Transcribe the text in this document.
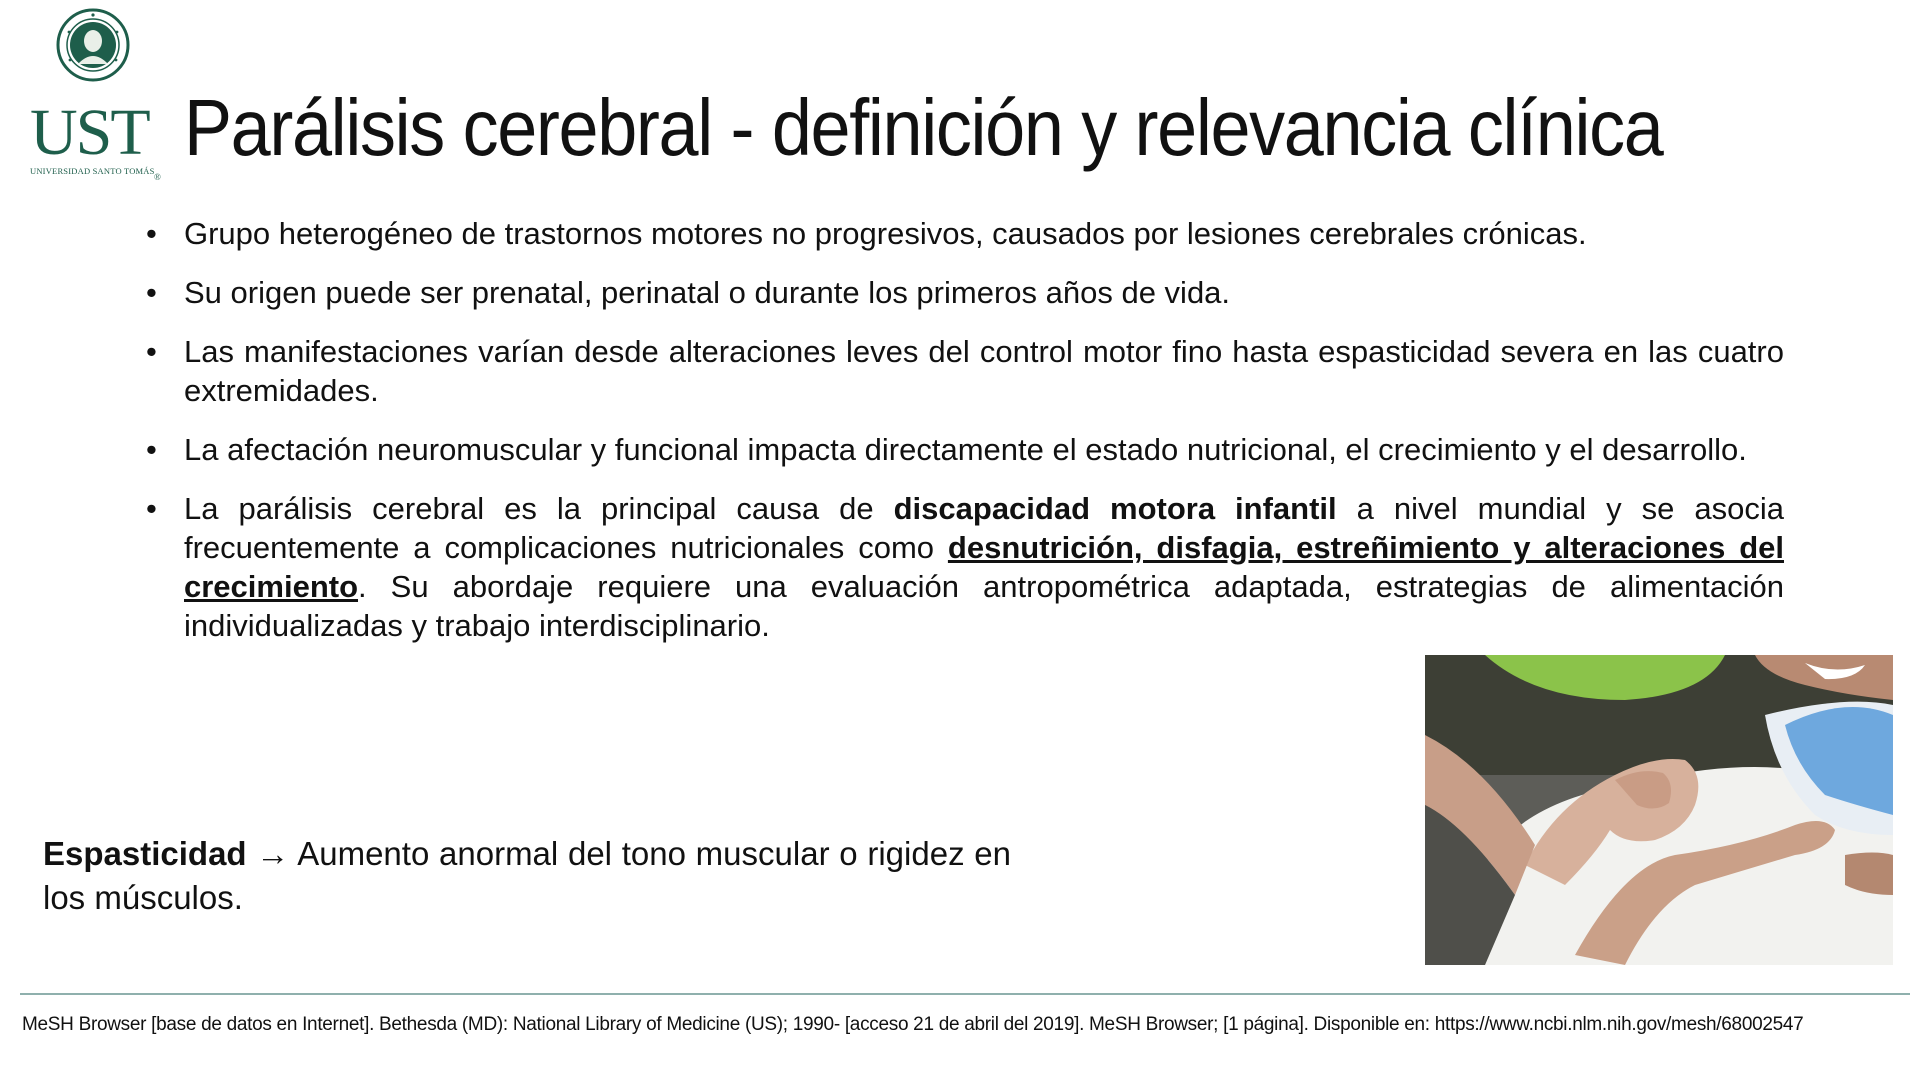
UST
®
UNIVERSIDAD SANTO TOMÁS Parálisis cerebral - definición y relevancia clínica
• Grupo heterogéneo de trastornos motores no progresivos, causados por lesiones cerebrales crónicas.
• Su origen puede ser prenatal, perinatal o durante los primeros años de vida.
• Las manifestaciones varían desde alteraciones leves del control motor fino hasta espasticidad severa en las cuatro extremidades.
• La afectación neuromuscular y funcional impacta directamente el estado nutricional, el crecimiento y el desarrollo.
• La parálisis cerebral es la principal causa de discapacidad motora infantil a nivel mundial y se asocia frecuentemente a complicaciones nutricionales como desnutrición, disfagia, estreñimiento y alteraciones del crecimiento. Su abordaje requiere una evaluación antropométrica adaptada, estrategias de alimentación individualizadas y trabajo interdisciplinario.
Espasticidad → Aumento anormal del tono muscular o rigidez en los músculos.
MeSH Browser [base de datos en Internet]. Bethesda (MD): National Library of Medicine (US); 1990- [acceso 21 de abril del 2019]. MeSH Browser; [1 página]. Disponible en: https://www.ncbi.nlm.nih.gov/mesh/68002547
